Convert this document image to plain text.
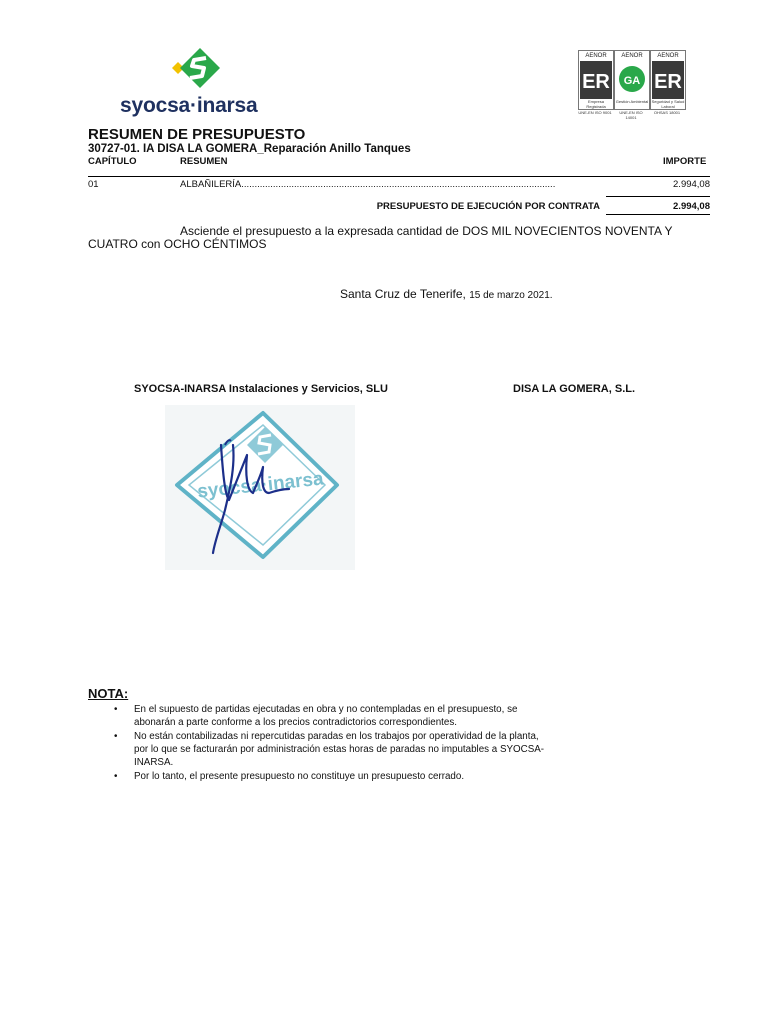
syocsa·inarsa
AENOR
ER
Empresa Registrada
UNE-EN ISO 9001
AENOR
GA
Gestión Ambiental
UNE-EN ISO 14001
AENOR
ER
Seguridad y Salud Laboral
OHSAS 18001
RESUMEN DE PRESUPUESTO
30727-01. IA DISA LA GOMERA_Reparación Anillo Tanques
CAPÍTULO	RESUMEN	IMPORTE
01	ALBAÑILERÍA.......................................................................................................................	2.994,08
PRESUPUESTO DE EJECUCIÓN POR CONTRATA	2.994,08
Asciende el presupuesto a la expresada cantidad de DOS MIL NOVECIENTOS NOVENTA Y
CUATRO con OCHO CÉNTIMOS
Santa Cruz de Tenerife, 15 de marzo 2021.
SYOCSA-INARSA Instalaciones y Servicios, SLU	DISA LA GOMERA, S.L.
syocsa·inarsa
NOTA:
• En el supuesto de partidas ejecutadas en obra y no contempladas en el presupuesto, se abonarán a parte conforme a los precios contradictorios correspondientes.
• No están contabilizadas ni repercutidas paradas en los trabajos por operatividad de la planta, por lo que se facturarán por administración estas horas de paradas no imputables a SYOCSA-INARSA.
• Por lo tanto, el presente presupuesto no constituye un presupuesto cerrado.
